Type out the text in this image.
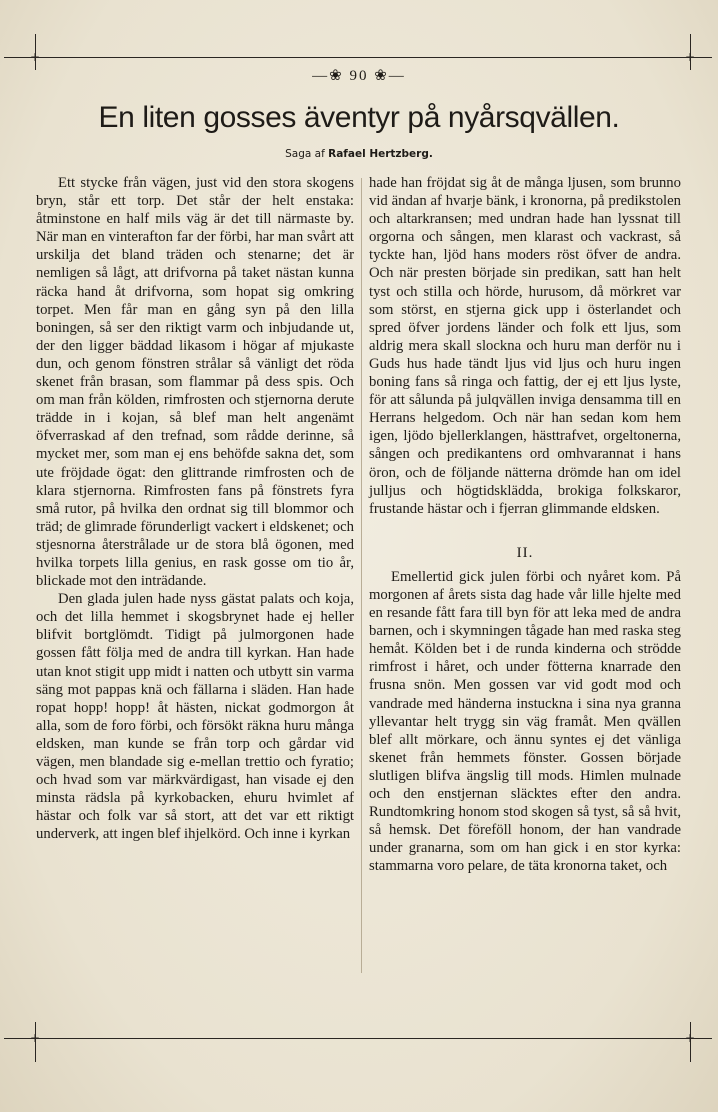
+	+
+	+
—❀ 90 ❀—
En liten gosses äventyr på nyårsqvällen.
Saga af Rafael Hertzberg.

Ett stycke från vägen, just vid den stora skogens bryn, står ett torp. Det står der helt enstaka: åtminstone en half mils väg är det till närmaste by. När man en vinterafton far der förbi, har man svårt att urskilja det bland träden och stenarne; det är nemligen så lågt, att drifvorna på taket nästan kunna räcka hand åt drifvorna, som hopat sig omkring torpet. Men får man en gång syn på den lilla boningen, så ser den riktigt varm och inbjudande ut, der den ligger bäddad likasom i högar af mjukaste dun, och genom fönstren strålar så vänligt det röda skenet från brasan, som flammar på dess spis. Och om man från kölden, rimfrosten och stjernorna derute trädde in i kojan, så blef man helt angenämt öfverraskad af den trefnad, som rådde derinne, så mycket mer, som man ej ens behöfde sakna det, som ute fröjdade ögat: den glittrande rimfrosten och de klara stjernorna. Rimfrosten fans på fönstrets fyra små rutor, på hvilka den ordnat sig till blommor och träd; de glimrade förunderligt vackert i eldskenet; och stjesnorna återstrålade ur de stora blå ögonen, med hvilka torpets lilla genius, en rask gosse om tio år, blickade mot den inträdande.

Den glada julen hade nyss gästat palats och koja, och det lilla hemmet i skogsbrynet hade ej heller blifvit bortglömdt. Tidigt på julmorgonen hade gossen fått följa med de andra till kyrkan. Han hade utan knot stigit upp midt i natten och utbytt sin varma säng mot pappas knä och fällarna i släden. Han hade ropat hopp! hopp! åt hästen, nickat godmorgon åt alla, som de foro förbi, och försökt räkna huru många eldsken, man kunde se från torp och gårdar vid vägen, men blandade sig e-mellan trettio och fyratio; och hvad som var märkvärdigast, han visade ej den minsta rädsla på kyrkobacken, ehuru hvimlet af hästar och folk var så stort, att det var ett riktigt underverk, att ingen blef ihjelkörd. Och inne i kyrkan

hade han fröjdat sig åt de många ljusen, som brunno vid ändan af hvarje bänk, i kronorna, på predikstolen och altarkransen; med undran hade han lyssnat till orgorna och sången, men klarast och vackrast, så tyckte han, ljöd hans moders röst öfver de andra. Och när presten började sin predikan, satt han helt tyst och stilla och hörde, hurusom, då mörkret var som störst, en stjerna gick upp i österlandet och spred öfver jordens länder och folk ett ljus, som aldrig mera skall slockna och huru man derför nu i Guds hus hade tändt ljus vid ljus och huru ingen boning fans så ringa och fattig, der ej ett ljus lyste, för att sålunda på julqvällen inviga densamma till en Herrans helgedom. Och när han sedan kom hem igen, ljödo bjellerklangen, hästtrafvet, orgeltonerna, sången och predikantens ord omhvarannat i hans öron, och de följande nätterna drömde han om idel julljus och högtidsklädda, brokiga folkskaror, frustande hästar och i fjerran glimmande eldsken.

II.

Emellertid gick julen förbi och nyåret kom. På morgonen af årets sista dag hade vår lille hjelte med en resande fått fara till byn för att leka med de andra barnen, och i skymningen tågade han med raska steg hemåt. Kölden bet i de runda kinderna och strödde rimfrost i håret, och under fötterna knarrade den frusna snön. Men gossen var vid godt mod och vandrade med händerna instuckna i sina nya granna yllevantar helt trygg sin väg framåt. Men qvällen blef allt mörkare, och ännu syntes ej det vänliga skenet från hemmets fönster. Gossen började slutligen blifva ängslig till mods. Himlen mulnade och den enstjernan släcktes efter den andra. Rundtomkring honom stod skogen så tyst, så så hvit, så hemsk. Det föreföll honom, der han vandrade under granarna, som om han gick i en stor kyrka: stammarna voro pelare, de täta kronorna taket, och
